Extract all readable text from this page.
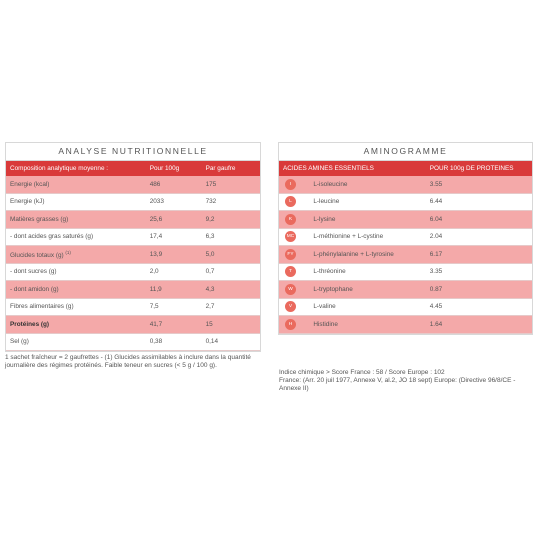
ANALYSE NUTRITIONNELLE
Composition analytique moyenne :	Pour 100g	Par gaufre
Energie (kcal)	486	175
Energie (kJ)	2033	732
Matières grasses (g)	25,6	9,2
- dont acides gras saturés (g)	17,4	6,3
Glucides totaux (g) $^{(1)}$	13,9	5,0
- dont sucres (g)	2,0	0,7
- dont amidon (g)	11,9	4,3
Fibres alimentaires (g)	7,5	2,7
Protéines (g)	41,7	15
Sel (g)	0,38	0,14
1 sachet fraîcheur = 2 gaufrettes - (1) Glucides assimilables à inclure dans la quantité journalière des régimes protéinés. Faible teneur en sucres (< 5 g / 100 g).
AMINOGRAMME
ACIDES AMINES ESSENTIELS		POUR 100g DE PROTEINES
I	L-isoleucine	3.55
L	L-leucine	6.44
K	L-lysine	6.04
MC	L-méthionine + L-cystine	2.04
FY	L-phénylalanine + L-tyrosine	6.17
T	L-thréonine	3.35
W	L-tryptophane	0.87
V	L-valine	4.45
H	Histidine	1.64
Indice chimique > Score France : 58 / Score Europe : 102
France: (Arr. 20 juil 1977, Annexe V, al.2, JO 18 sept) Europe: (Directive 96/8/CE - Annexe II)
